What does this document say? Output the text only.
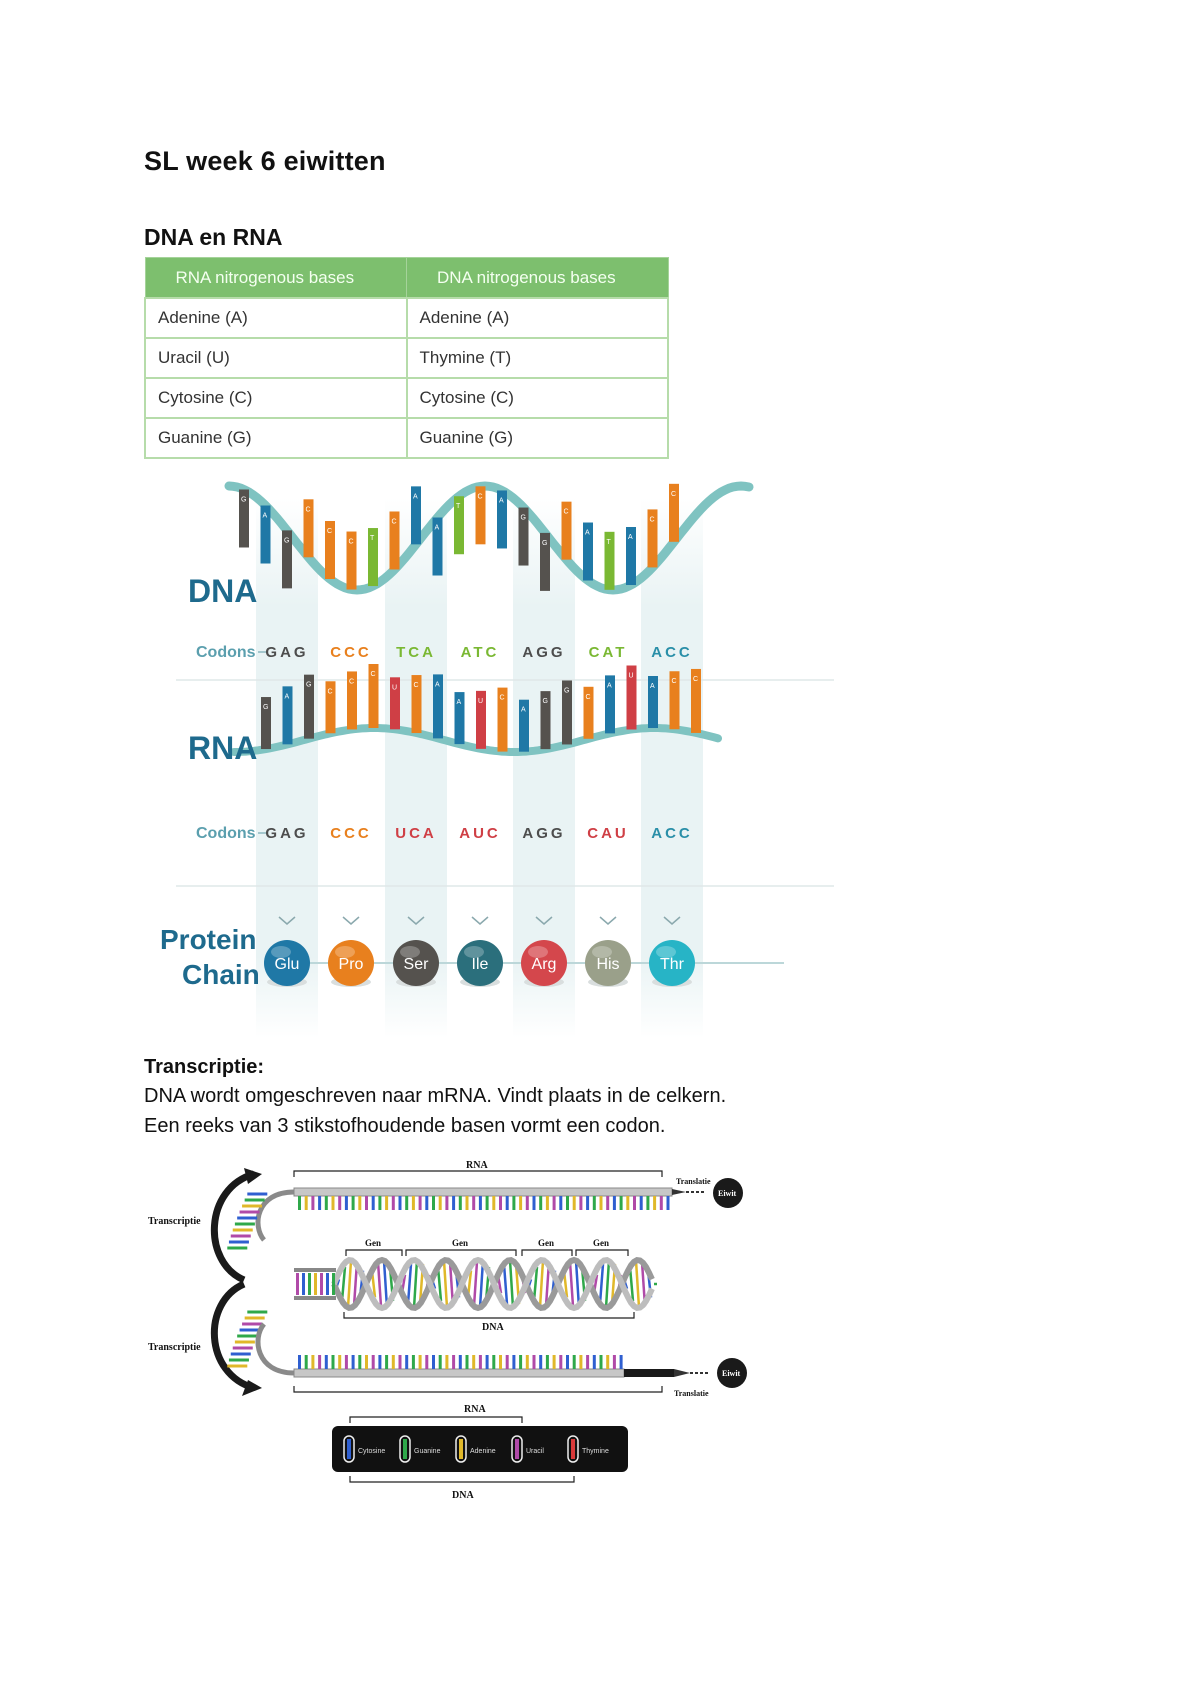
SL week 6 eiwitten
DNA en RNA
RNA nitrogenous bases	DNA nitrogenous bases
Adenine (A)	Adenine (A)
Uracil (U)	Thymine (T)
Cytosine (C)	Cytosine (C)
Guanine (G)	Guanine (G)
G
A
G
C
C
C T
C
A
A
T
C
A
G
G
C
A
T
A
C
C
G
A
G
C
C
C
U C A
A U C
A
G
G
C
A
U
A
C C
DNA
RNA
Codons
Codons
Protein
Chain
GAG CCC TCA ATC AGG CAT ACC
GAG CCC UCA AUC AGG CAU ACC
Glu Pro	Ser	Ile	Arg His	Thr
Transcriptie:
DNA wordt omgeschreven naar mRNA. Vindt plaats in de celkern.
Een reeks van 3 stikstofhoudende basen vormt een codon.
RNA
Translatie
Eiwit
Transcriptie
Transcriptie
Gen	Gen	Gen	Gen
DNA
Eiwit
Translatie
RNA
Cytosine	Guanine	Adenine	Uracil	Thymine
DNA
